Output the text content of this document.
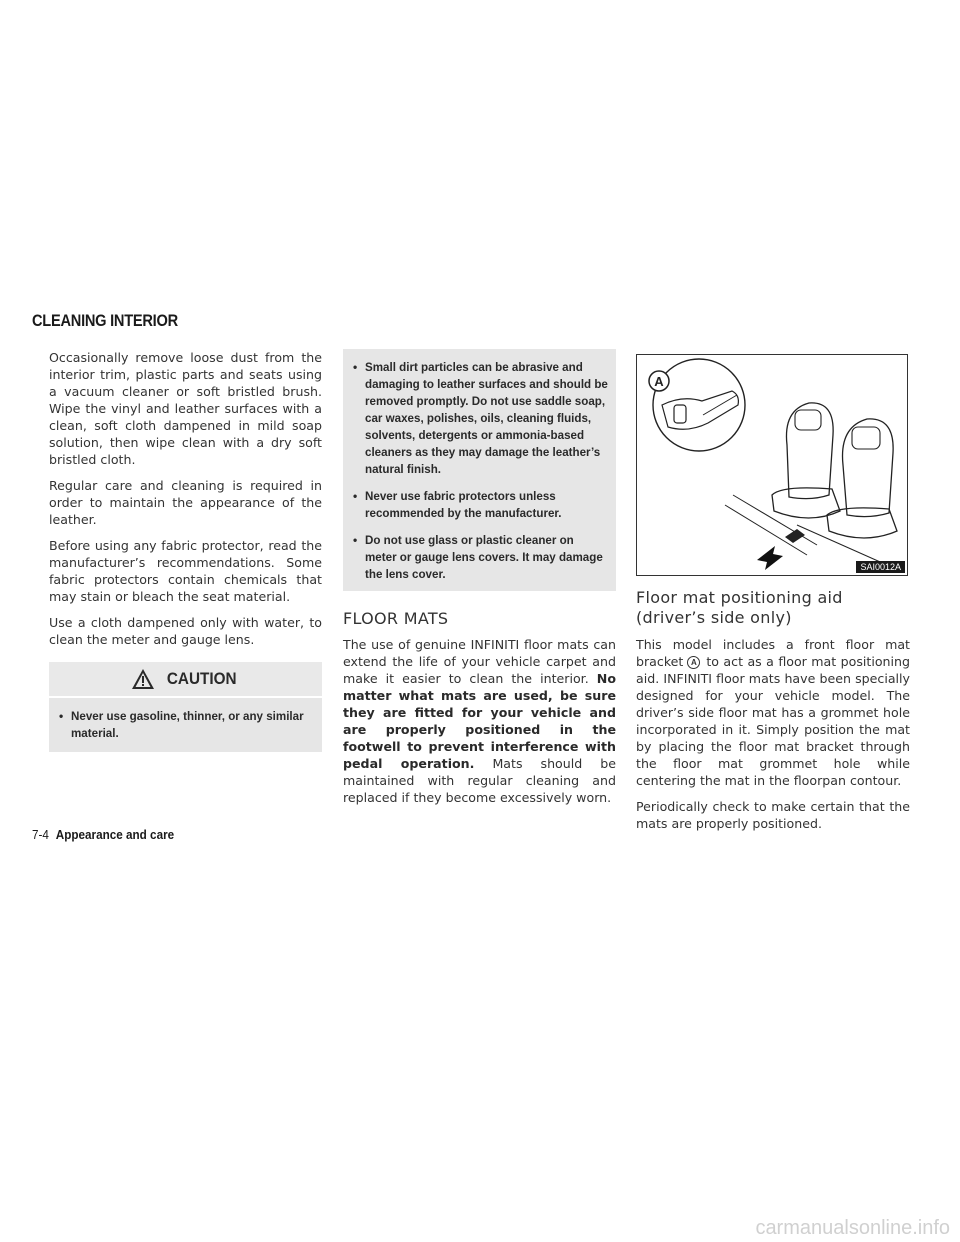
CLEANING INTERIOR

Occasionally remove loose dust from the interior trim, plastic parts and seats using a vacuum cleaner or soft bristled brush. Wipe the vinyl and leather surfaces with a clean, soft cloth dampened in mild soap solution, then wipe clean with a dry soft bristled cloth.

Regular care and cleaning is required in order to maintain the appearance of the leather.

Before using any fabric protector, read the manufacturer’s recommendations. Some fabric protectors contain chemicals that may stain or bleach the seat material.

Use a cloth dampened only with water, to clean the meter and gauge lens.

CAUTION
• Never use gasoline, thinner, or any similar material.
• Small dirt particles can be abrasive and damaging to leather surfaces and should be removed promptly. Do not use saddle soap, car waxes, polishes, oils, cleaning fluids, solvents, detergents or ammonia-based cleaners as they may damage the leather’s natural finish.
• Never use fabric protectors unless recommended by the manufacturer.
• Do not use glass or plastic cleaner on meter or gauge lens covers. It may damage the lens cover.
FLOOR MATS

The use of genuine INFINITI floor mats can extend the life of your vehicle carpet and make it easier to clean the interior. No matter what mats are used, be sure they are fitted for your vehicle and are properly positioned in the footwell to prevent interference with pedal operation. Mats should be maintained with regular cleaning and replaced if they become excessively worn.

A
SAI0012A
Floor mat positioning aid (driver’s side only)

This model includes a front floor mat bracket A to act as a floor mat positioning aid. INFINITI floor mats have been specially designed for your vehicle model. The driver’s side floor mat has a grommet hole incorporated in it. Simply position the mat by placing the floor mat bracket through the floor mat grommet hole while centering the mat in the floorpan contour.

Periodically check to make certain that the mats are properly positioned.

7-4 Appearance and care
carmanualsonline.info
